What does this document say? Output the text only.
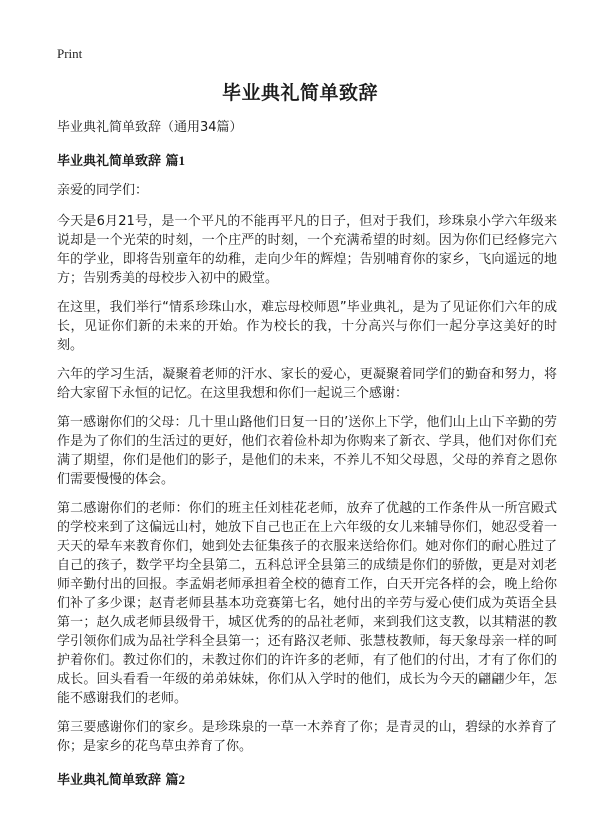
Print
毕业典礼简单致辞

毕业典礼简单致辞（通用34篇）

毕业典礼简单致辞 篇1

亲爱的同学们：

今天是6月21号，是一个平凡的不能再平凡的日子，但对于我们，珍珠泉小学六年级来说却是一个光荣的时刻，一个庄严的时刻，一个充满希望的时刻。因为你们已经修完六年的学业，即将告别童年的幼稚，走向少年的辉煌；告别哺育你的家乡，飞向遥远的地方；告别秀美的母校步入初中的殿堂。

在这里，我们举行“情系珍珠山水，难忘母校师恩”毕业典礼，是为了见证你们六年的成长，见证你们新的未来的开始。作为校长的我，十分高兴与你们一起分享这美好的时刻。

六年的学习生活，凝聚着老师的汗水、家长的爱心，更凝聚着同学们的勤奋和努力，将给大家留下永恒的记忆。在这里我想和你们一起说三个感谢：

第一感谢你们的父母：几十里山路他们日复一日的’送你上下学，他们山上山下辛勤的劳作是为了你们的生活过的更好，他们衣着俭朴却为你购来了新衣、学具，他们对你们充满了期望，你们是他们的影子，是他们的未来，不养儿不知父母恩，父母的养育之恩你们需要慢慢的体会。

第二感谢你们的老师：你们的班主任刘桂花老师，放弃了优越的工作条件从一所宫殿式的学校来到了这偏远山村，她放下自己也正在上六年级的女儿来辅导你们，她忍受着一天天的晕车来教育你们，她到处去征集孩子的衣服来送给你们。她对你们的耐心胜过了自己的孩子，数学平均全县第二，五科总评全县第三的成绩是你们的骄傲，更是对刘老师辛勤付出的回报。李孟娟老师承担着全校的德育工作，白天开完各样的会，晚上给你们补了多少课；赵青老师县基本功竞赛第七名，她付出的辛劳与爱心使们成为英语全县第一；赵久成老师县级骨干，城区优秀的的品社老师，来到我们这支教，以其精湛的教学引领你们成为品社学科全县第一；还有路汉老师、张慧枝教师，每天象母亲一样的呵护着你们。教过你们的，未教过你们的许许多的老师，有了他们的付出，才有了你们的成长。回头看看一年级的弟弟妹妹，你们从入学时的他们，成长为今天的翩翩少年，怎能不感谢我们的老师。

第三要感谢你们的家乡。是珍珠泉的一草一木养育了你；是青灵的山，碧绿的水养育了你；是家乡的花鸟草虫养育了你。

毕业典礼简单致辞 篇2
